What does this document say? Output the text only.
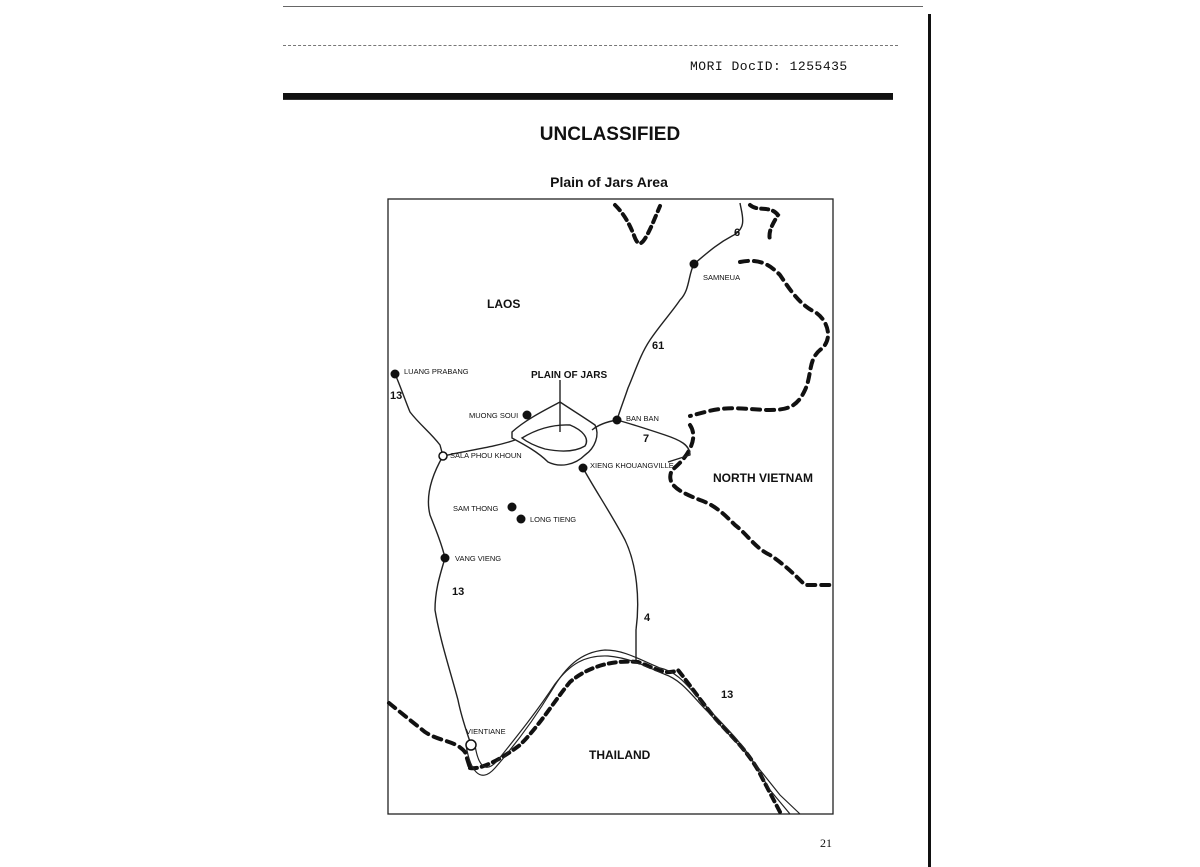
MORI DocID: 1255435
UNCLASSIFIED
Plain of Jars Area
LAOS
NORTH VIETNAM
THAILAND
PLAIN OF JARS
LUANG PRABANG
SAMNEUA
MUONG SOUI	BAN BAN
SALA PHOU KHOUN
XIENG KHOUANGVILLE
SAM THONG
LONG TIENG
VANG VIENG
VIENTIANE
6
61
7
13
13
4
13
21
